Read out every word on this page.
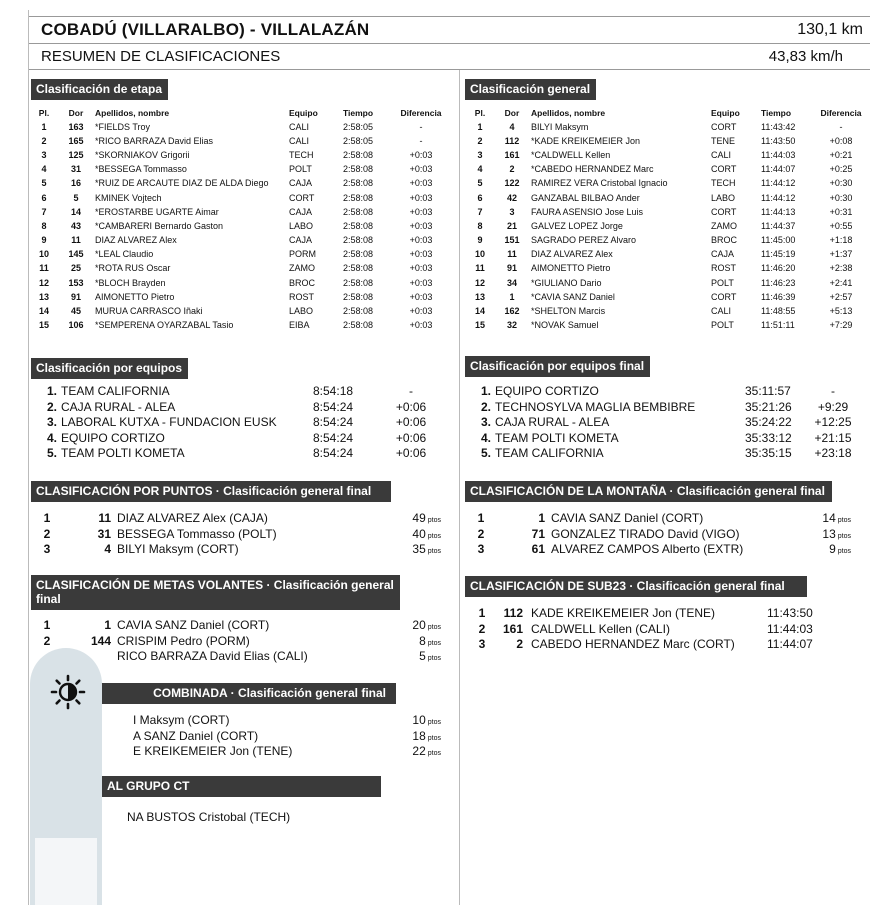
COBADÚ (VILLARALBO) - VILLALAZÁN	130,1 km
RESUMEN DE CLASIFICACIONES	43,83 km/h
Clasificación de etapa
Pl.	Dor	Apellidos, nombre	Equipo	Tiempo	Diferencia
1	163	*FIELDS Troy	CALI	2:58:05	-
2	165	*RICO BARRAZA David Elias	CALI	2:58:05	-
3	125	*SKORNIAKOV Grigorii	TECH	2:58:08	+0:03
4	31	*BESSEGA Tommasso	POLT	2:58:08	+0:03
5	16	*RUIZ DE ARCAUTE DIAZ DE ALDA Diego	CAJA	2:58:08	+0:03
6	5	KMINEK Vojtech	CORT	2:58:08	+0:03
7	14	*EROSTARBE UGARTE Aimar	CAJA	2:58:08	+0:03
8	43	*CAMBARERI Bernardo Gaston	LABO	2:58:08	+0:03
9	11	DIAZ ALVAREZ Alex	CAJA	2:58:08	+0:03
10	145	*LEAL Claudio	PORM	2:58:08	+0:03
11	25	*ROTA RUS Oscar	ZAMO	2:58:08	+0:03
12	153	*BLOCH Brayden	BROC	2:58:08	+0:03
13	91	AIMONETTO Pietro	ROST	2:58:08	+0:03
14	45	MURUA CARRASCO Iñaki	LABO	2:58:08	+0:03
15	106	*SEMPERENA OYARZABAL Tasio	EIBA	2:58:08	+0:03
Clasificación general
Pl.	Dor	Apellidos, nombre	Equipo	Tiempo	Diferencia
1	4	BILYI Maksym	CORT	11:43:42	-
2	112	*KADE KREIKEMEIER Jon	TENE	11:43:50	+0:08
3	161	*CALDWELL Kellen	CALI	11:44:03	+0:21
4	2	*CABEDO HERNANDEZ Marc	CORT	11:44:07	+0:25
5	122	RAMIREZ VERA Cristobal Ignacio	TECH	11:44:12	+0:30
6	42	GANZABAL BILBAO Ander	LABO	11:44:12	+0:30
7	3	FAURA ASENSIO Jose Luis	CORT	11:44:13	+0:31
8	21	GALVEZ LOPEZ Jorge	ZAMO	11:44:37	+0:55
9	151	SAGRADO PEREZ Alvaro	BROC	11:45:00	+1:18
10	11	DIAZ ALVAREZ Alex	CAJA	11:45:19	+1:37
11	91	AIMONETTO Pietro	ROST	11:46:20	+2:38
12	34	*GIULIANO Dario	POLT	11:46:23	+2:41
13	1	*CAVIA SANZ Daniel	CORT	11:46:39	+2:57
14	162	*SHELTON Marcis	CALI	11:48:55	+5:13
15	32	*NOVAK Samuel	POLT	11:51:11	+7:29
Clasificación por equipos
1. TEAM CALIFORNIA	8:54:18	-
2. CAJA RURAL - ALEA	8:54:24	+0:06
3. LABORAL KUTXA - FUNDACION EUSK	8:54:24	+0:06
4. EQUIPO CORTIZO	8:54:24	+0:06
5. TEAM POLTI KOMETA	8:54:24	+0:06
Clasificación por equipos final
1. EQUIPO CORTIZO	35:11:57	-
2. TECHNOSYLVA MAGLIA BEMBIBRE	35:21:26	+9:29
3. CAJA RURAL - ALEA	35:24:22	+12:25
4. TEAM POLTI KOMETA	35:33:12	+21:15
5. TEAM CALIFORNIA	35:35:15	+23:18
CLASIFICACIÓN POR PUNTOS · Clasificación general final
1	11 DIAZ ALVAREZ Alex (CAJA)	49 ptos
2	31 BESSEGA Tommasso (POLT)	40 ptos
3	4 BILYI Maksym (CORT)	35 ptos
CLASIFICACIÓN DE LA MONTAÑA · Clasificación general final
1	1 CAVIA SANZ Daniel (CORT)	14 ptos
2	71 GONZALEZ TIRADO David (VIGO)	13 ptos
3	61 ALVAREZ CAMPOS Alberto (EXTR)	9 ptos
CLASIFICACIÓN DE METAS VOLANTES · Clasificación general
final
1	1 CAVIA SANZ Daniel (CORT)	20 ptos
2	144 CRISPIM Pedro (PORM)	8 ptos
RICO BARRAZA David Elias (CALI)	5 ptos
CLASIFICACIÓN DE SUB23 · Clasificación general final
1	112 KADE KREIKEMEIER Jon (TENE)	11:43:50
2	161 CALDWELL Kellen (CALI)	11:44:03
3	2 CABEDO HERNANDEZ Marc (CORT)	11:44:07
COMBINADA · Clasificación general final
I Maksym (CORT)	10 ptos
A SANZ Daniel (CORT)	18 ptos
E KREIKEMEIER Jon (TENE)	22 ptos
AL GRUPO CT
NA BUSTOS Cristobal (TECH)
